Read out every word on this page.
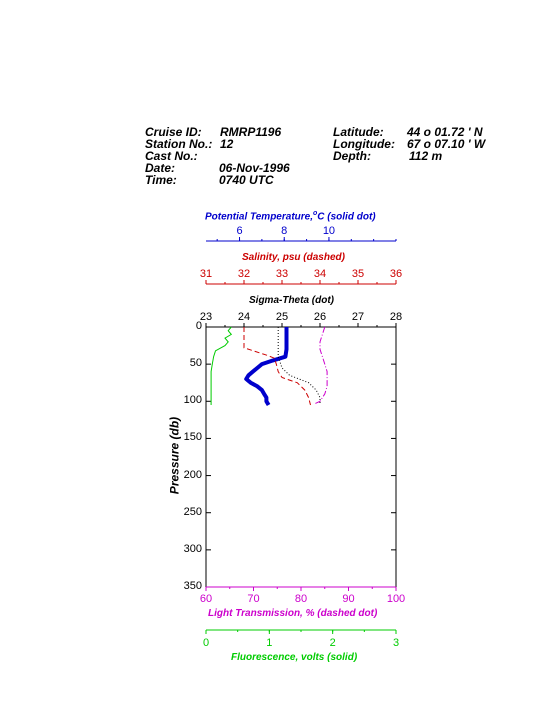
Cruise ID: RMRP1196
Station No.: 12
Cast No.:
Date:	06-Nov-1996
Time:	0740 UTC
Latitude: 44 o 01.72 ' N
Longitude: 67 o 07.10 ' W
Depth:	112 m
Potential Temperature,$^o$C (solid dot)
Salinity, psu (dashed)
Sigma-Theta (dot)
Light Transmission, % (dashed dot)
Fluorescence, volts (solid)
Pressure (db)
0
50
100
150
200
250
300
350
6	8	10
31 32 33 34 35 36
23 24 25 26 27 28
60	70	80	90	100
0	1	2	3
